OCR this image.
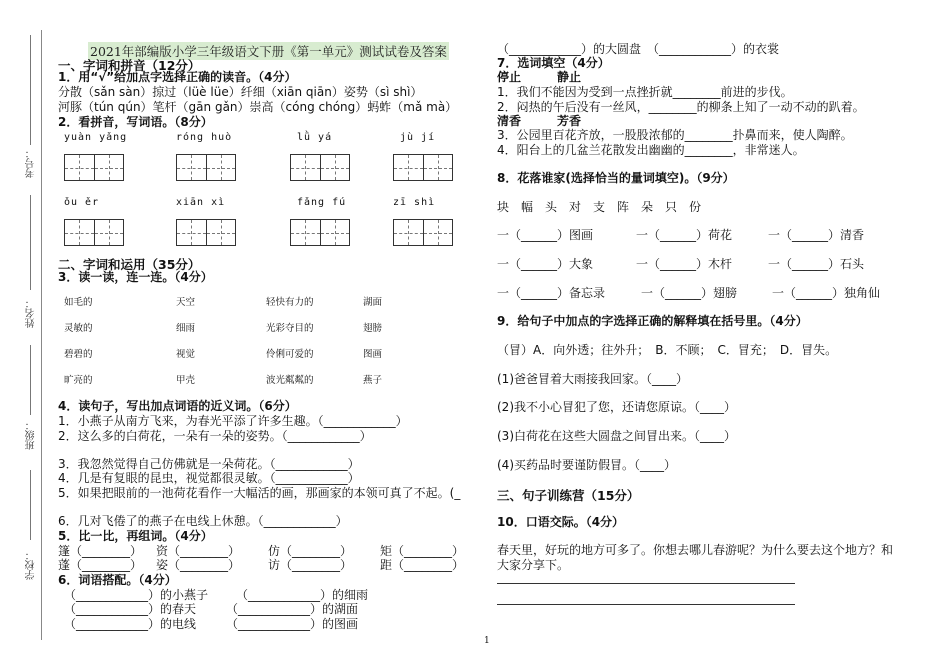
考号：
姓名：
班级：
学校：
2021年部编版小学三年级语文下册《第一单元》测试试卷及答案
一、字词和拼音（12分）
1．用“√”给加点字选择正确的读音。（4分）
分散（sǎn sàn）掠过（lüè lüe）纤细（xiān qiān）姿势（sì shì）
河豚（tún qún）笔杆（gān gǎn）崇高（cóng chóng）蚂蚱（mǎ mà）
2．看拼音，写词语。（8分）
yuàn yǎng	róng huò	lǜ yá	jù jí
ǒu ěr	xiān xì	fǎng fú	zī shì
二、字词和运用（35分）
3．读一读，连一连。（4分）
如毛的	天空	轻快有力的	湖面
灵敏的	细雨	光彩夺目的	翅膀
碧碧的	视觉	伶俐可爱的	图画
旷亮的	甲壳	波光粼粼的	燕子
4．读句子，写出加点词语的近义词。（6分）
1．小燕子从南方飞来，为春光平添了许多生趣。（____________）
2．这么多的白荷花，一朵有一朵的姿势。（____________）
3．我忽然觉得自己仿佛就是一朵荷花。（____________）
4．几是有复眼的昆虫，视觉都很灵敏。（____________）
5．如果把眼前的一池荷花看作一大幅活的画，那画家的本领可真了不起。(_
6．几对飞倦了的燕子在电线上休憩。（____________）
5．比一比，再组词。（4分）
篷（________） 资（________） 仿（________） 矩（________）
蓬（________） 姿（________） 访（________） 距（________）
6．词语搭配。（4分）
（____________）的小燕子 （____________）的细雨
（____________）的春天 （____________）的湖面
（____________）的电线 （____________）的图画
（____________）的大圆盘　（____________）的衣裳
7．选词填空（4分）
停止　　　静止
1．我们不能因为受到一点挫折就________前进的步伐。
2．闷热的午后没有一丝风，________的柳条上知了一动不动的趴着。
清香　　　芳香
3．公园里百花齐放，一股股浓郁的________扑鼻而来，使人陶醉。
4．阳台上的几盆兰花散发出幽幽的________，非常迷人。
8．花落谁家(选择恰当的量词填空)。（9分）
块　幅　头　对　支　阵　朵　只　份
一（______）图画	一（______）荷花	一（______）清香
一（______）大象	一（______）木杆	一（______）石头
一（______）备忘录	一（______）翅膀	一（______）独角仙
9．给句子中加点的字选择正确的解释填在括号里。（4分）
（冒）A．向外透；往外升；　B．不顾；　C．冒充；　D．冒失。
(1)爸爸冒着大雨接我回家。（____）
(2)我不小心冒犯了您，还请您原谅。（____）
(3)白荷花在这些大圆盘之间冒出来。（____）
(4)买药品时要谨防假冒。（____）
三、句子训练营（15分）
10．口语交际。（4分）
春天里，好玩的地方可多了。你想去哪儿春游呢？为什么要去这个地方？和
大家分享下。
1
